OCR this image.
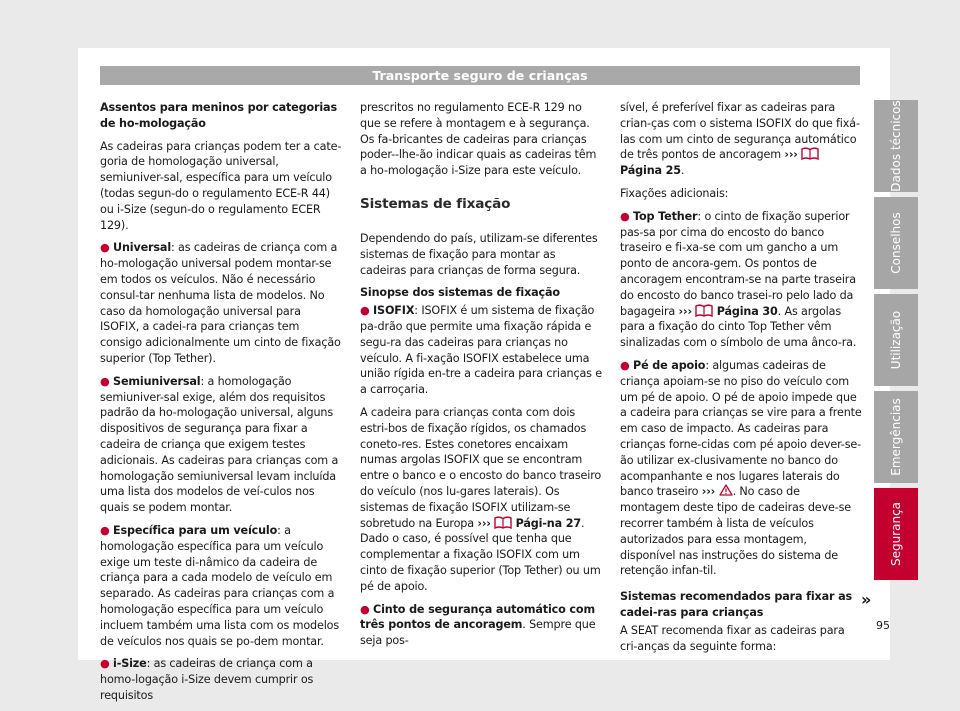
Transporte seguro de crianças

Assentos para meninos por categorias de ho-mologação

As cadeiras para crianças podem ter a cate-goria de homologação universal, semiuniver-sal, específica para um veículo (todas segun-do o regulamento ECE-R 44) ou i-Size (segun-do o regulamento ECER 129).

● Universal: as cadeiras de criança com a ho-mologação universal podem montar-se em todos os veículos. Não é necessário consul-tar nenhuma lista de modelos. No caso da homologação universal para ISOFIX, a cadei-ra para crianças tem consigo adicionalmente um cinto de fixação superior (Top Tether).

● Semiuniversal: a homologação semiuniver-sal exige, além dos requisitos padrão da ho-mologação universal, alguns dispositivos de segurança para fixar a cadeira de criança que exigem testes adicionais. As cadeiras para crianças com a homologação semiuniversal levam incluída uma lista dos modelos de veí-culos nos quais se podem montar.

● Específica para um veículo: a homologação específica para um veículo exige um teste di-nâmico da cadeira de criança para a cada modelo de veículo em separado. As cadeiras para crianças com a homologação específica para um veículo incluem também uma lista com os modelos de veículos nos quais se po-dem montar.

● i-Size: as cadeiras de criança com a homo-logação i-Size devem cumprir os requisitos

prescritos no regulamento ECE-R 129 no que se refere à montagem e à segurança. Os fa-bricantes de cadeiras para crianças poder--lhe-ão indicar quais as cadeiras têm a ho-mologação i-Size para este veículo.

Sistemas de fixação

Dependendo do país, utilizam-se diferentes sistemas de fixação para montar as cadeiras para crianças de forma segura.

Sinopse dos sistemas de fixação

● ISOFIX: ISOFIX é um sistema de fixação pa-drão que permite uma fixação rápida e segu-ra das cadeiras para crianças no veículo. A fi-xação ISOFIX estabelece uma união rígida en-tre a cadeira para crianças e a carroçaria.

A cadeira para crianças conta com dois estri-bos de fixação rígidos, os chamados coneto-res. Estes conetores encaixam numas argolas ISOFIX que se encontram entre o banco e o encosto do banco traseiro do veículo (nos lu-gares laterais). Os sistemas de fixação ISOFIX utilizam-se sobretudo na Europa ››› Pági-na 27. Dado o caso, é possível que tenha que complementar a fixação ISOFIX com um cinto de fixação superior (Top Tether) ou um pé de apoio.

● Cinto de segurança automático com três pontos de ancoragem. Sempre que seja pos-

sível, é preferível fixar as cadeiras para crian-ças com o sistema ISOFIX do que fixá-las com um cinto de segurança automático de três pontos de ancoragem ›››  Página 25.

Fixações adicionais:

● Top Tether: o cinto de fixação superior pas-sa por cima do encosto do banco traseiro e fi-xa-se com um gancho a um ponto de ancora-gem. Os pontos de ancoragem encontram-se na parte traseira do encosto do banco trasei-ro pelo lado da bagageira ››› Página 30. As argolas para a fixação do cinto Top Tether vêm sinalizadas com o símbolo de uma ânco-ra.

● Pé de apoio: algumas cadeiras de criança apoiam-se no piso do veículo com um pé de apoio. O pé de apoio impede que a cadeira para crianças se vire para a frente em caso de impacto. As cadeiras para crianças forne-cidas com pé apoio dever-se-ão utilizar ex-clusivamente no banco do acompanhante e nos lugares laterais do banco traseiro ››› . No caso de montagem deste tipo de cadeiras deve-se recorrer também à lista de veículos autorizados para essa montagem, disponível nas instruções do sistema de retenção infan-til.

Sistemas recomendados para fixar as cadei-ras para crianças

A SEAT recomenda fixar as cadeiras para cri-anças da seguinte forma:

Dados técnicos
Conselhos
Utilização
Emergências
Segurança
»
95
